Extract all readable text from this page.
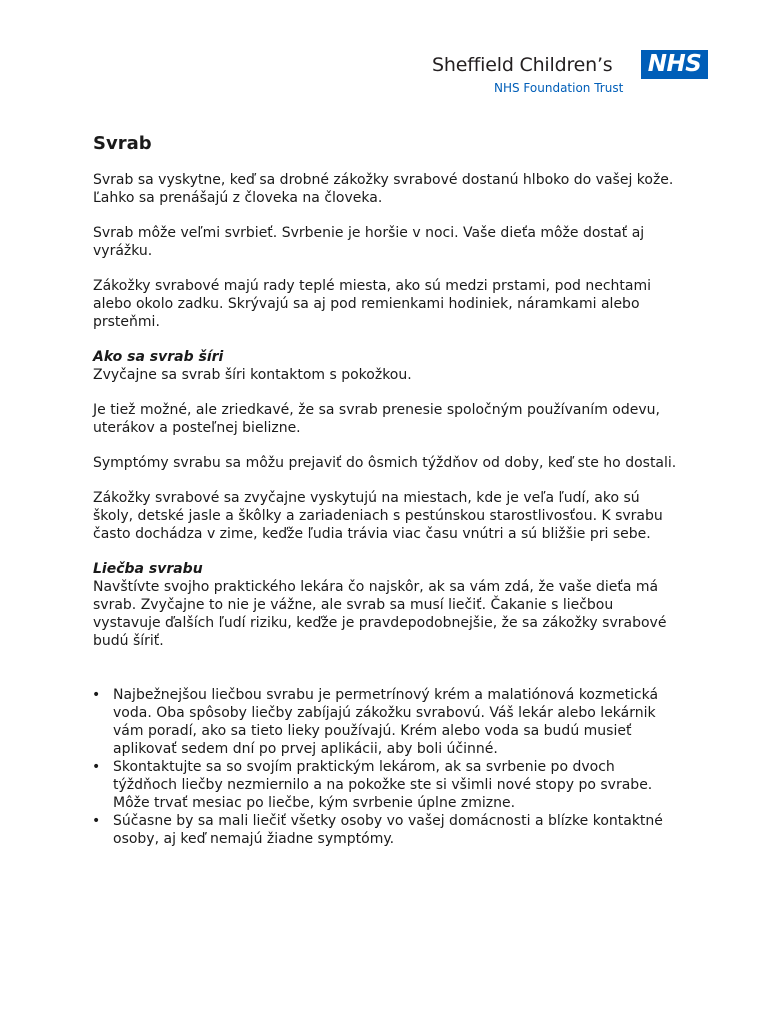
Sheffield Children’s NHS
NHS Foundation Trust
Svrab

Svrab sa vyskytne, keď sa drobné zákožky svrabové dostanú hlboko do vašej kože. Ľahko sa prenášajú z človeka na človeka.

Svrab môže veľmi svrbieť. Svrbenie je horšie v noci. Vaše dieťa môže dostať aj vyrážku.

Zákožky svrabové majú rady teplé miesta, ako sú medzi prstami, pod nechtami alebo okolo zadku. Skrývajú sa aj pod remienkami hodiniek, náramkami alebo prsteňmi.

Ako sa svrab šíri
Zvyčajne sa svrab šíri kontaktom s pokožkou.

Je tiež možné, ale zriedkavé, že sa svrab prenesie spoločným používaním odevu, uterákov a posteľnej bielizne.

Symptómy svrabu sa môžu prejaviť do ôsmich týždňov od doby, keď ste ho dostali.

Zákožky svrabové sa zvyčajne vyskytujú na miestach, kde je veľa ľudí, ako sú školy, detské jasle a škôlky a zariadeniach s pestúnskou starostlivosťou. K svrabu často dochádza v zime, keďže ľudia trávia viac času vnútri a sú bližšie pri sebe.

Liečba svrabu
Navštívte svojho praktického lekára čo najskôr, ak sa vám zdá, že vaše dieťa má svrab. Zvyčajne to nie je vážne, ale svrab sa musí liečiť. Čakanie s liečbou vystavuje ďalších ľudí riziku, keďže je pravdepodobnejšie, že sa zákožky svrabové budú šíriť.

• Najbežnejšou liečbou svrabu je permetrínový krém a malatiónová kozmetická voda. Oba spôsoby liečby zabíjajú zákožku svrabovú. Váš lekár alebo lekárnik vám poradí, ako sa tieto lieky používajú. Krém alebo voda sa budú musieť aplikovať sedem dní po prvej aplikácii, aby boli účinné.
• Skontaktujte sa so svojím praktickým lekárom, ak sa svrbenie po dvoch týždňoch liečby nezmiernilo a na pokožke ste si všimli nové stopy po svrabe. Môže trvať mesiac po liečbe, kým svrbenie úplne zmizne.
• Súčasne by sa mali liečiť všetky osoby vo vašej domácnosti a blízke kontaktné osoby, aj keď nemajú žiadne symptómy.
